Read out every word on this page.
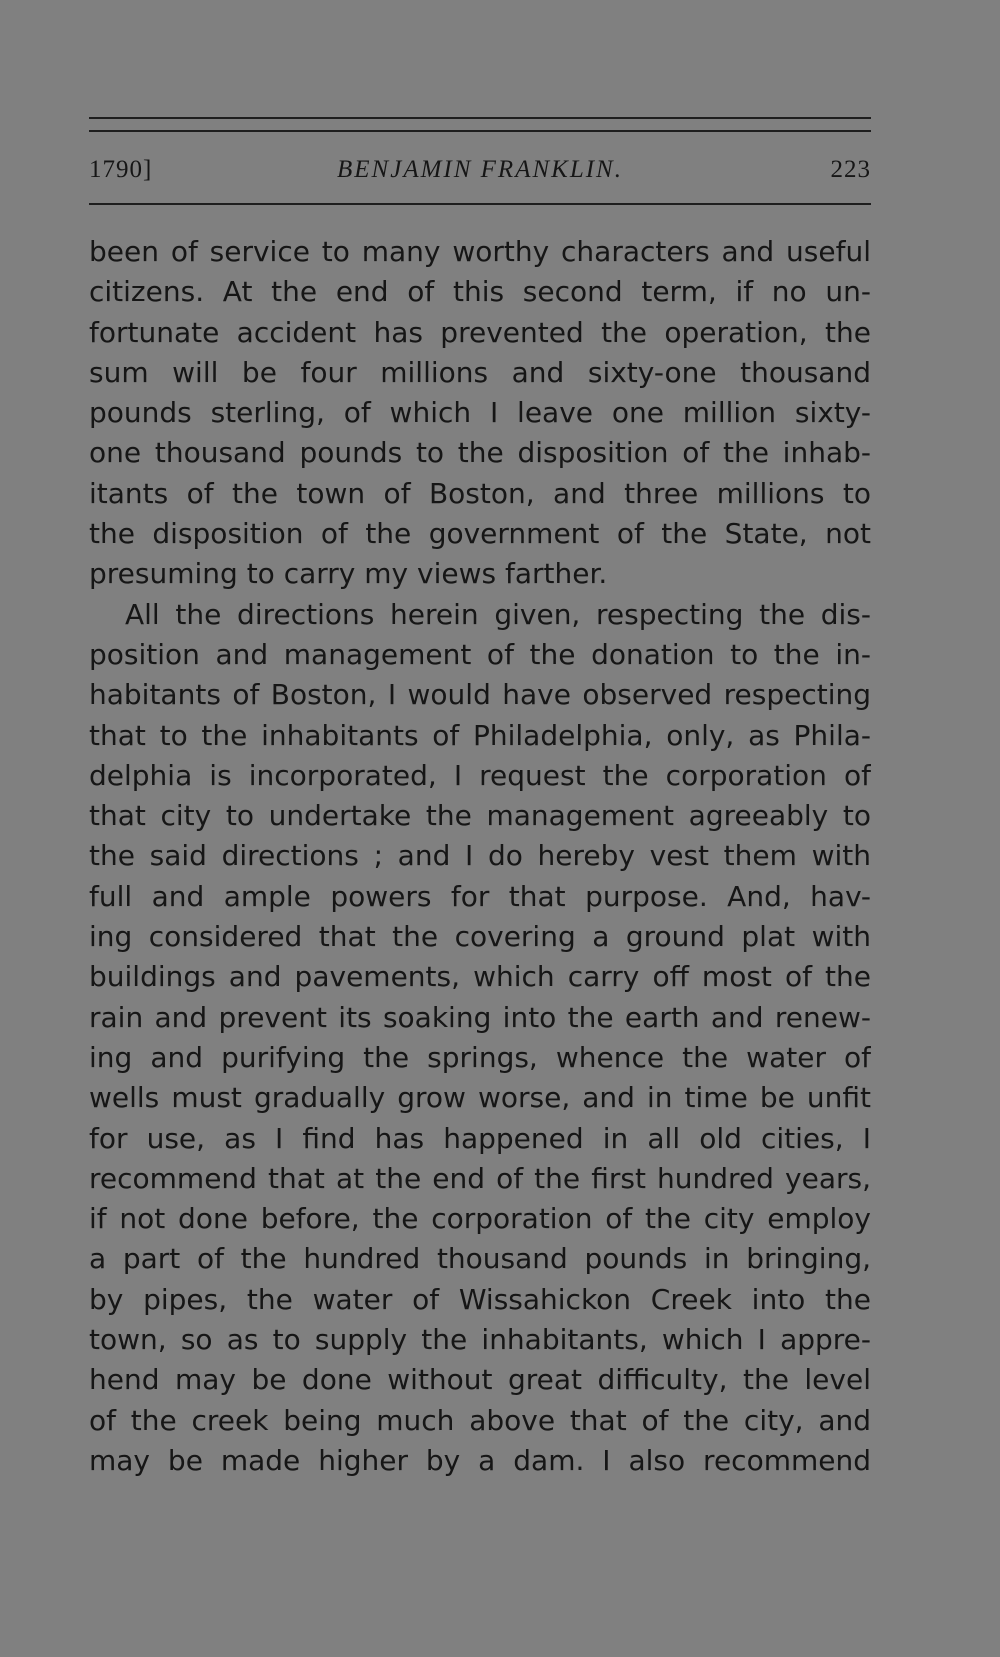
1790]	BENJAMIN FRANKLIN.	223
been of service to many worthy characters and useful
citizens. At the end of this second term, if no un-
fortunate accident has prevented the operation, the
sum will be four millions and sixty-one thousand
pounds sterling, of which I leave one million sixty-
one thousand pounds to the disposition of the inhab-
itants of the town of Boston, and three millions to
the disposition of the government of the State, not
presuming to carry my views farther.
All the directions herein given, respecting the dis-
position and management of the donation to the in-
habitants of Boston, I would have observed respecting
that to the inhabitants of Philadelphia, only, as Phila-
delphia is incorporated, I request the corporation of
that city to undertake the management agreeably to
the said directions ; and I do hereby vest them with
full and ample powers for that purpose. And, hav-
ing considered that the covering a ground plat with
buildings and pavements, which carry off most of the
rain and prevent its soaking into the earth and renew-
ing and purifying the springs, whence the water of
wells must gradually grow worse, and in time be unfit
for use, as I find has happened in all old cities, I
recommend that at the end of the first hundred years,
if not done before, the corporation of the city employ
a part of the hundred thousand pounds in bringing,
by pipes, the water of Wissahickon Creek into the
town, so as to supply the inhabitants, which I appre-
hend may be done without great difficulty, the level
of the creek being much above that of the city, and
may be made higher by a dam. I also recommend
